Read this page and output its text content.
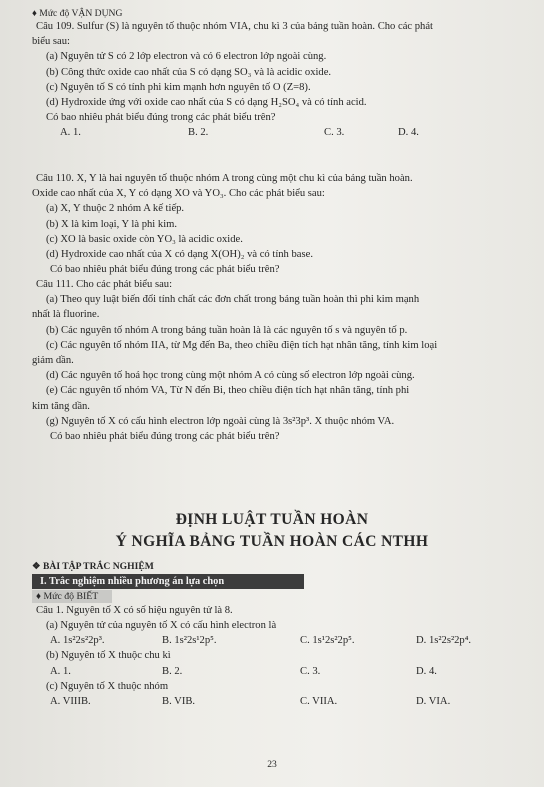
♦ Mức độ VẬN DỤNG

Câu 109. Sulfur (S) là nguyên tố thuộc nhóm VIA, chu kì 3 của bảng tuần hoàn. Cho các phát

biểu sau:

(a) Nguyên tử S có 2 lớp electron và có 6 electron lớp ngoài cùng.

(b) Công thức oxide cao nhất của S có dạng SO₃ và là acidic oxide.

(c) Nguyên tố S có tính phi kim mạnh hơn nguyên tố O (Z=8).

(d) Hydroxide ứng với oxide cao nhất của S có dạng H₂SO₄ và có tính acid.

Có bao nhiêu phát biểu đúng trong các phát biểu trên?

A. 1.	B. 2.	C. 3.	D. 4.

Câu 110. X, Y là hai nguyên tố thuộc nhóm A trong cùng một chu kì của bảng tuần hoàn.

Oxide cao nhất của X, Y có dạng XO và YO₃. Cho các phát biểu sau:

(a) X, Y thuộc 2 nhóm A kế tiếp.

(b) X là kim loại, Y là phi kim.

(c) XO là basic oxide còn YO₃ là acidic oxide.

(d) Hydroxide cao nhất của X có dạng X(OH)₂ và có tính base.

Có bao nhiêu phát biểu đúng trong các phát biểu trên?

Câu 111. Cho các phát biểu sau:

(a) Theo quy luật biến đổi tính chất các đơn chất trong bảng tuần hoàn thì phi kim mạnh

nhất là fluorine.

(b) Các nguyên tố nhóm A trong bảng tuần hoàn là là các nguyên tố s và nguyên tố p.

(c) Các nguyên tố nhóm IIA, từ Mg đến Ba, theo chiều điện tích hạt nhân tăng, tính kim loại

giảm dần.

(d) Các nguyên tố hoá học trong cùng một nhóm A có cùng số electron lớp ngoài cùng.

(e) Các nguyên tố nhóm VA, Từ N đến Bi, theo chiều điện tích hạt nhân tăng, tính phi

kim tăng dần.

(g) Nguyên tố X có cấu hình electron lớp ngoài cùng là 3s²3p³. X thuộc nhóm VA.

Có bao nhiêu phát biểu đúng trong các phát biểu trên?

ĐỊNH LUẬT TUẦN HOÀN
Ý NGHĨA BẢNG TUẦN HOÀN CÁC NTHH

❖ BÀI TẬP TRẮC NGHIỆM

I. Trắc nghiệm nhiều phương án lựa chọn
♦ Mức độ BIẾT

Câu 1. Nguyên tố X có số hiệu nguyên tử là 8.

(a) Nguyên tử của nguyên tố X có cấu hình electron là

A. 1s²2s²2p³.	B. 1s²2s¹2p⁵.	C. 1s¹2s²2p⁵.	D. 1s²2s²2p⁴.

(b) Nguyên tố X thuộc chu kì

A. 1.	B. 2.	C. 3.	D. 4.

(c) Nguyên tố X thuộc nhóm

A. VIIIB.	B. VIB.	C. VIIA.	D. VIA.
23
